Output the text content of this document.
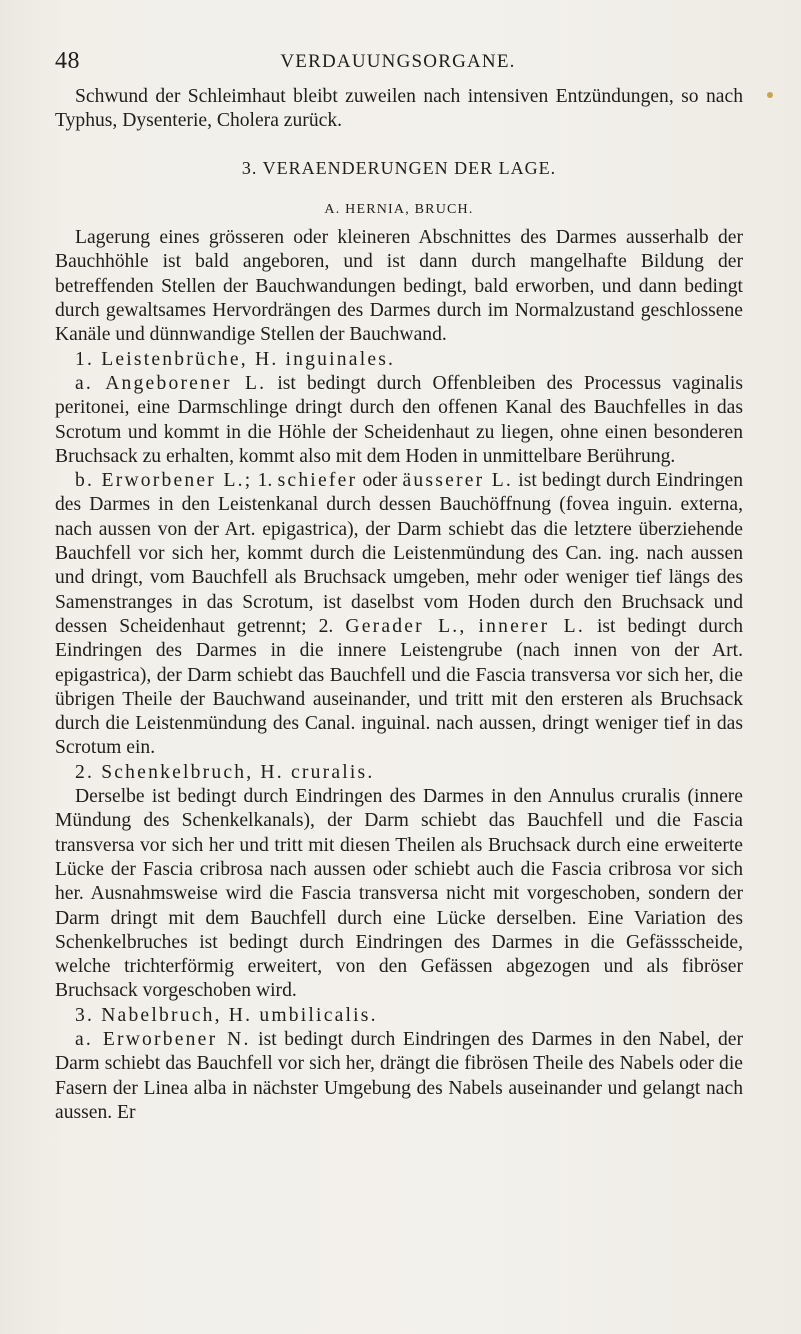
48	VERDAUUNGSORGANE.

Schwund der Schleimhaut bleibt zuweilen nach intensiven Entzündungen, so nach Typhus, Dysenterie, Cholera zurück.

3. VERAENDERUNGEN DER LAGE.

A. HERNIA, BRUCH.

Lagerung eines grösseren oder kleineren Abschnittes des Darmes ausserhalb der Bauchhöhle ist bald angeboren, und ist dann durch mangelhafte Bildung der betreffenden Stellen der Bauchwandungen bedingt, bald erworben, und dann bedingt durch gewaltsames Hervordrängen des Darmes durch im Normalzustand geschlossene Kanäle und dünnwandige Stellen der Bauchwand.

1. Leistenbrüche, H. inguinales.

a. Angeborener L. ist bedingt durch Offenbleiben des Processus vaginalis peritonei, eine Darmschlinge dringt durch den offenen Kanal des Bauchfelles in das Scrotum und kommt in die Höhle der Scheidenhaut zu liegen, ohne einen besonderen Bruchsack zu erhalten, kommt also mit dem Hoden in unmittelbare Berührung.

b. Erworbener L.; 1. schiefer oder äusserer L. ist bedingt durch Eindringen des Darmes in den Leistenkanal durch dessen Bauchöffnung (fovea inguin. externa, nach aussen von der Art. epigastrica), der Darm schiebt das die letztere überziehende Bauchfell vor sich her, kommt durch die Leistenmündung des Can. ing. nach aussen und dringt, vom Bauchfell als Bruchsack umgeben, mehr oder weniger tief längs des Samenstranges in das Scrotum, ist daselbst vom Hoden durch den Bruchsack und dessen Scheidenhaut getrennt; 2. Gerader L., innerer L. ist bedingt durch Eindringen des Darmes in die innere Leistengrube (nach innen von der Art. epigastrica), der Darm schiebt das Bauchfell und die Fascia transversa vor sich her, die übrigen Theile der Bauchwand auseinander, und tritt mit den ersteren als Bruchsack durch die Leistenmündung des Canal. inguinal. nach aussen, dringt weniger tief in das Scrotum ein.

2. Schenkelbruch, H. cruralis.

Derselbe ist bedingt durch Eindringen des Darmes in den Annulus cruralis (innere Mündung des Schenkelkanals), der Darm schiebt das Bauchfell und die Fascia transversa vor sich her und tritt mit diesen Theilen als Bruchsack durch eine erweiterte Lücke der Fascia cribrosa nach aussen oder schiebt auch die Fascia cribrosa vor sich her. Ausnahmsweise wird die Fascia transversa nicht mit vorgeschoben, sondern der Darm dringt mit dem Bauchfell durch eine Lücke derselben. Eine Variation des Schenkelbruches ist bedingt durch Eindringen des Darmes in die Gefässscheide, welche trichterförmig erweitert, von den Gefässen abgezogen und als fibröser Bruchsack vorgeschoben wird.

3. Nabelbruch, H. umbilicalis.

a. Erworbener N. ist bedingt durch Eindringen des Darmes in den Nabel, der Darm schiebt das Bauchfell vor sich her, drängt die fibrösen Theile des Nabels oder die Fasern der Linea alba in nächster Umgebung des Nabels auseinander und gelangt nach aussen. Er
